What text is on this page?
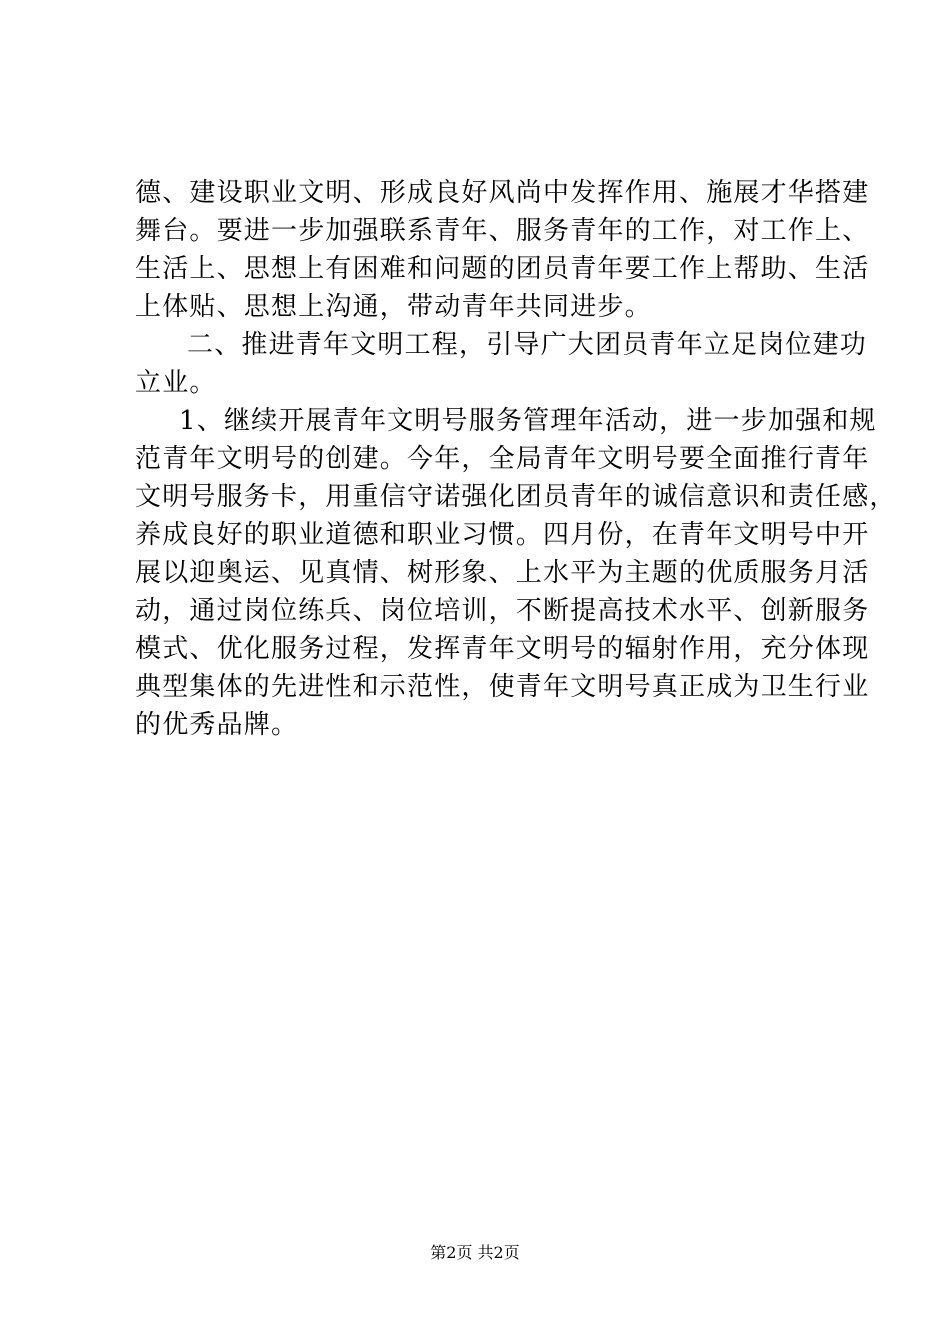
德、建设职业文明、形成良好风尚中发挥作用、施展才华搭建
舞台。要进一步加强联系青年、服务青年的工作，对工作上、
生活上、思想上有困难和问题的团员青年要工作上帮助、生活
上体贴、思想上沟通，带动青年共同进步。
二、推进青年文明工程，引导广大团员青年立足岗位建功
立业。
1、继续开展青年文明号服务管理年活动，进一步加强和规
范青年文明号的创建。今年，全局青年文明号要全面推行青年
文明号服务卡，用重信守诺强化团员青年的诚信意识和责任感，
养成良好的职业道德和职业习惯。四月份，在青年文明号中开
展以迎奥运、见真情、树形象、上水平为主题的优质服务月活
动，通过岗位练兵、岗位培训，不断提高技术水平、创新服务
模式、优化服务过程，发挥青年文明号的辐射作用，充分体现
典型集体的先进性和示范性，使青年文明号真正成为卫生行业
的优秀品牌。
第2页 共2页
